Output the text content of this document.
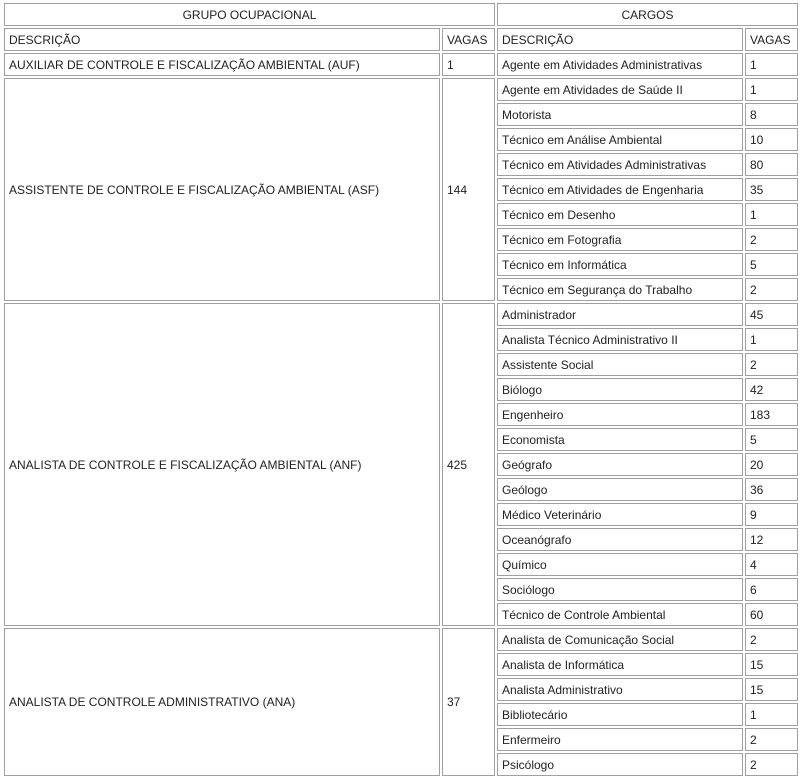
GRUPO OCUPACIONAL		CARGOS	
DESCRIÇÃO	VAGAS	DESCRIÇÃO	VAGAS
AUXILIAR DE CONTROLE E FISCALIZAÇÃO AMBIENTAL (AUF)	1	Agente em Atividades Administrativas	1
ASSISTENTE DE CONTROLE E FISCALIZAÇÃO AMBIENTAL (ASF)	144	Agente em Atividades de Saúde II	1
		Motorista	8
		Técnico em Análise Ambiental	10
		Técnico em Atividades Administrativas	80
		Técnico em Atividades de Engenharia	35
		Técnico em Desenho	1
		Técnico em Fotografia	2
		Técnico em Informática	5
		Técnico em Segurança do Trabalho	2
ANALISTA DE CONTROLE E FISCALIZAÇÃO AMBIENTAL (ANF)	425	Administrador	45
		Analista Técnico Administrativo II	1
		Assistente Social	2
		Biólogo	42
		Engenheiro	183
		Economista	5
		Geógrafo	20
		Geólogo	36
		Médico Veterinário	9
		Oceanógrafo	12
		Químico	4
		Sociólogo	6
		Técnico de Controle Ambiental	60
ANALISTA DE CONTROLE ADMINISTRATIVO (ANA)	37	Analista de Comunicação Social	2
		Analista de Informática	15
		Analista Administrativo	15
		Bibliotecário	1
		Enfermeiro	2
		Psicólogo	2
